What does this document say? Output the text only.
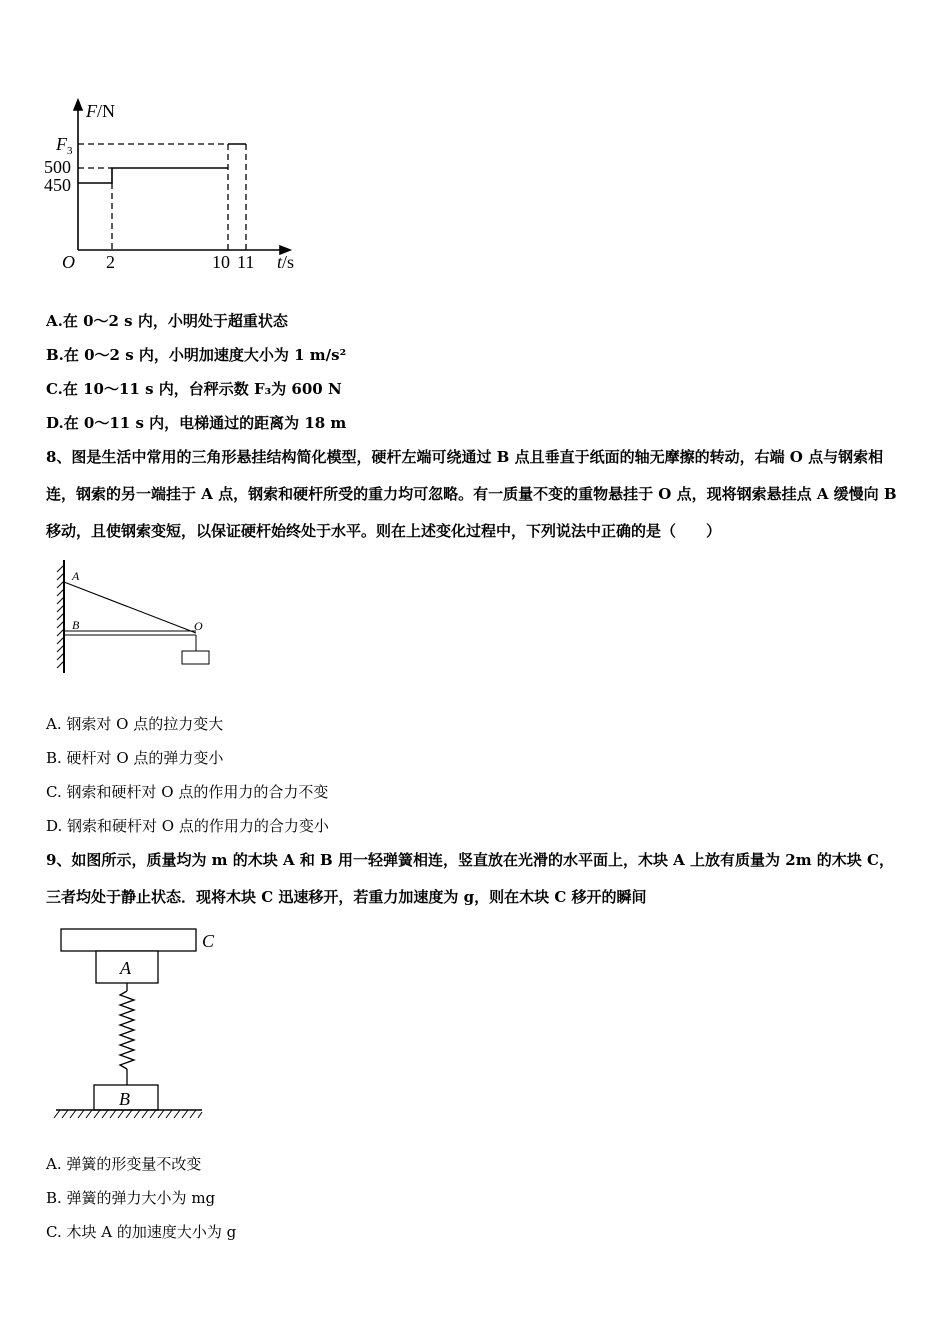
F/N
$F_3$
500
450
O 2	10 11 t/s
A.在 0～2 s 内，小明处于超重状态
B.在 0～2 s 内，小明加速度大小为 1 m/s²
C.在 10～11 s 内，台秤示数 F₃为 600 N
D.在 0～11 s 内，电梯通过的距离为 18 m
8、图是生活中常用的三角形悬挂结构简化模型，硬杆左端可绕通过 B 点且垂直于纸面的轴无摩擦的转动，右端 O 点与钢索相连，钢索的另一端挂于 A 点，钢索和硬杆所受的重力均可忽略。有一质量不变的重物悬挂于 O 点，现将钢索悬挂点 A 缓慢向 B 移动，且使钢索变短，以保证硬杆始终处于水平。则在上述变化过程中，下列说法中正确的是（　　）
A
B	O
A. 钢索对 O 点的拉力变大
B. 硬杆对 O 点的弹力变小
C. 钢索和硬杆对 O 点的作用力的合力不变
D. 钢索和硬杆对 O 点的作用力的合力变小
9、如图所示，质量均为 m 的木块 A 和 B 用一轻弹簧相连，竖直放在光滑的水平面上，木块 A 上放有质量为 2m 的木块 C，三者均处于静止状态．现将木块 C 迅速移开，若重力加速度为 g，则在木块 C 移开的瞬间
C
A
B
A. 弹簧的形变量不改变
B. 弹簧的弹力大小为 mg
C. 木块 A 的加速度大小为 g
